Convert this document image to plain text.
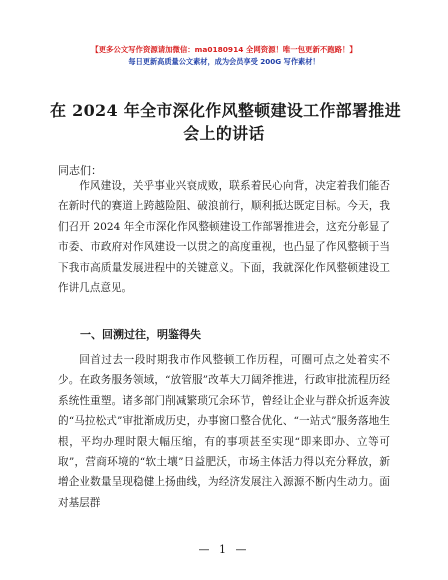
【更多公文写作资源请加微信：ma0180914 全网资源！唯一包更新不跑路！】
每日更新高质量公文素材，成为会员享受 200G 写作素材！
在 2024 年全市深化作风整顿建设工作部署推进
会上的讲话
同志们：

作风建设，关乎事业兴衰成败，联系着民心向背，决定着我们能否在新时代的赛道上跨越险阻、破浪前行，顺利抵达既定目标。今天，我们召开 2024 年全市深化作风整顿建设工作部署推进会，这充分彰显了市委、市政府对作风建设一以贯之的高度重视，也凸显了作风整顿于当下我市高质量发展进程中的关键意义。下面，我就深化作风整顿建设工作讲几点意见。

一、回溯过往，明鉴得失

回首过去一段时期我市作风整顿工作历程，可圈可点之处着实不少。在政务服务领域，“放管服”改革大刀阔斧推进，行政审批流程历经系统性重塑。诸多部门削减繁琐冗余环节，曾经让企业与群众折返奔波的“马拉松式”审批渐成历史，办事窗口整合优化、“一站式”服务落地生根，平均办理时限大幅压缩，有的事项甚至实现“即来即办、立等可取”，营商环境的“软土壤”日益肥沃，市场主体活力得以充分释放，新增企业数量呈现稳健上扬曲线，为经济发展注入源源不断内生动力。面对基层群

— 1 —
